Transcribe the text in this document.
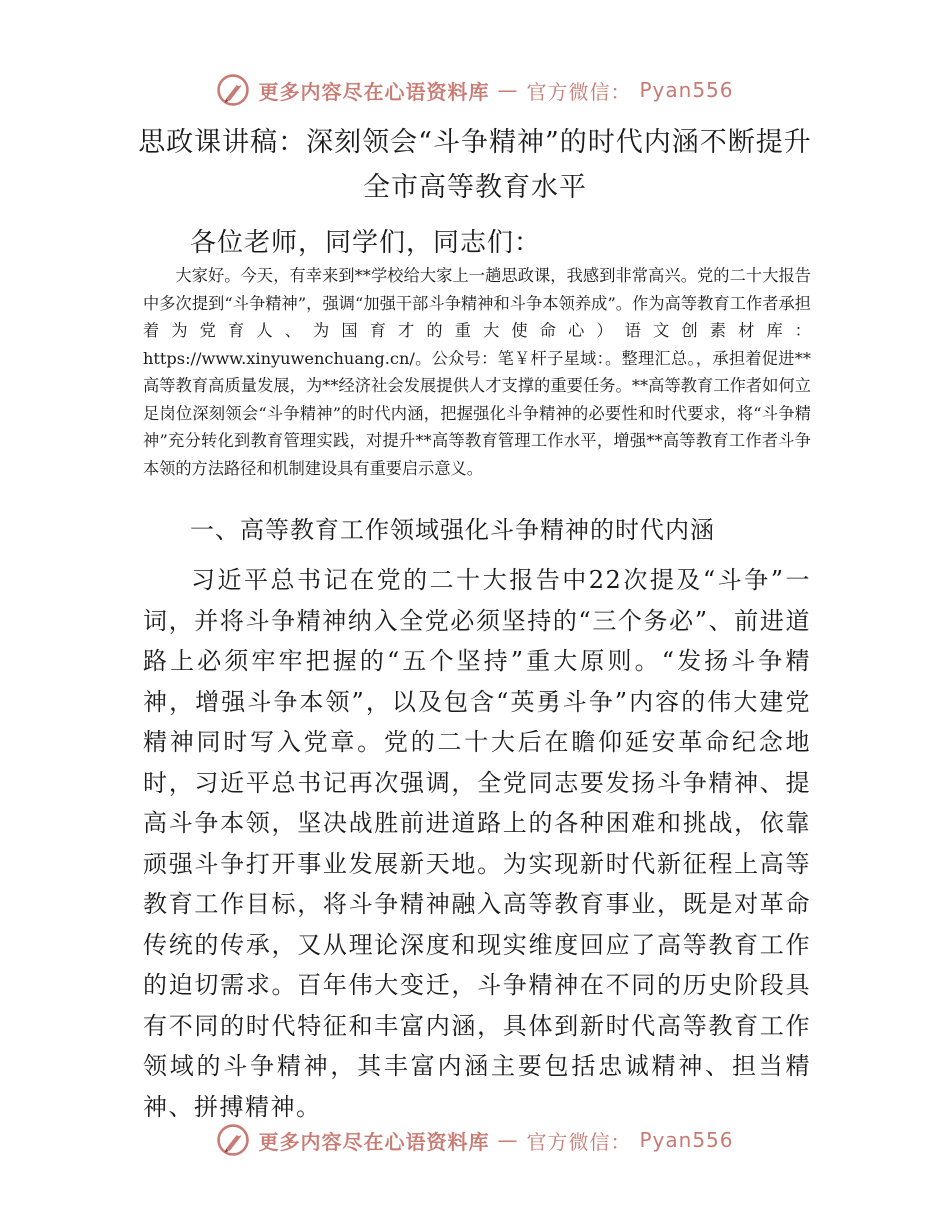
更多内容尽在心语资料库 — 官方微信： Pyan556
思政课讲稿：深刻领会“斗争精神”的时代内涵不断提升全市高等教育水平

各位老师，同学们，同志们：

大家好。今天，有幸来到**学校给大家上一趟思政课，我感到非常高兴。党的二十大报告中多次提到“斗争精神”，强调“加强干部斗争精神和斗争本领养成”。作为高等教育工作者承担着为党育人、为国育才的重大使命心）语文创素材库：https://www.xinyuwenchuang.cn/。公众号：笔￥杆子星域：。整理汇总。，承担着促进**高等教育高质量发展，为**经济社会发展提供人才支撑的重要任务。**高等教育工作者如何立足岗位深刻领会“斗争精神”的时代内涵，把握强化斗争精神的必要性和时代要求，将“斗争精神”充分转化到教育管理实践，对提升**高等教育管理工作水平，增强**高等教育工作者斗争本领的方法路径和机制建设具有重要启示意义。

一、高等教育工作领域强化斗争精神的时代内涵

习近平总书记在党的二十大报告中22次提及“斗争”一词，并将斗争精神纳入全党必须坚持的“三个务必”、前进道路上必须牢牢把握的“五个坚持”重大原则。“发扬斗争精神，增强斗争本领”，以及包含“英勇斗争”内容的伟大建党精神同时写入党章。党的二十大后在瞻仰延安革命纪念地时，习近平总书记再次强调，全党同志要发扬斗争精神、提高斗争本领，坚决战胜前进道路上的各种困难和挑战，依靠顽强斗争打开事业发展新天地。为实现新时代新征程上高等教育工作目标，将斗争精神融入高等教育事业，既是对革命传统的传承，又从理论深度和现实维度回应了高等教育工作的迫切需求。百年伟大变迁，斗争精神在不同的历史阶段具有不同的时代特征和丰富内涵，具体到新时代高等教育工作领域的斗争精神，其丰富内涵主要包括忠诚精神、担当精神、拼搏精神。

更多内容尽在心语资料库 — 官方微信： Pyan556
